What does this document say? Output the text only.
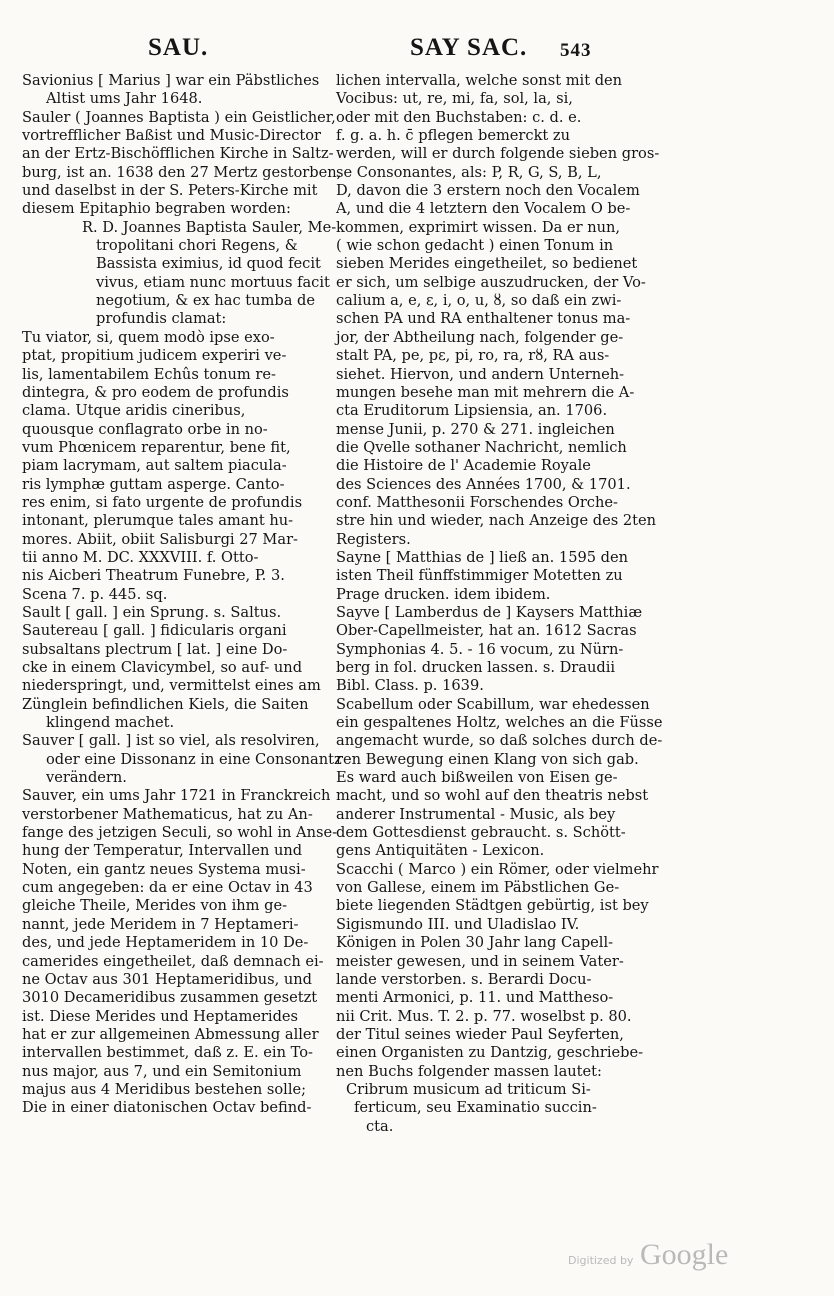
SAU.	SAY SAC. 543
Savionius [ Marius ] war ein Päbstliches
Altist ums Jahr 1648.
Sauler ( Joannes Baptista ) ein Geistlicher,
vortrefflicher Baßist und Music-Director
an der Ertz-Bischöfflichen Kirche in Saltz-
burg, ist an. 1638 den 27 Mertz gestorben,
und daselbst in der S. Peters-Kirche mit
diesem Epitaphio begraben worden:
R. D. Joannes Baptista Sauler, Me-
tropolitani chori Regens, &
Bassista eximius, id quod fecit
vivus, etiam nunc mortuus facit
negotium, & ex hac tumba de
profundis clamat:
Tu viator, si, quem modò ipse exo-
ptat, propitium judicem experiri ve-
lis, lamentabilem Echûs tonum re-
dintegra, & pro eodem de profundis
clama. Utque aridis cineribus,
quousque conflagrato orbe in no-
vum Phœnicem reparentur, bene fit,
piam lacrymam, aut saltem piacula-
ris lymphæ guttam asperge. Canto-
res enim, si fato urgente de profundis
intonant, plerumque tales amant hu-
mores. Abiit, obiit Salisburgi 27 Mar-
tii anno M. DC. XXXVIII. f. Otto-
nis Aicberi Theatrum Funebre, P. 3.
Scena 7. p. 445. sq.
Sault [ gall. ] ein Sprung. s. Saltus.
Sautereau [ gall. ] fidicularis organi
subsaltans plectrum [ lat. ] eine Do-
cke in einem Clavicymbel, so auf- und
niederspringt, und, vermittelst eines am
Zünglein befindlichen Kiels, die Saiten
klingend machet.
Sauver [ gall. ] ist so viel, als resolviren,
oder eine Dissonanz in eine Consonantz
verändern.
Sauver, ein ums Jahr 1721 in Franckreich
verstorbener Mathematicus, hat zu An-
fange des jetzigen Seculi, so wohl in Anse-
hung der Temperatur, Intervallen und
Noten, ein gantz neues Systema musi-
cum angegeben: da er eine Octav in 43
gleiche Theile, Merides von ihm ge-
nannt, jede Meridem in 7 Heptameri-
des, und jede Heptameridem in 10 De-
camerides eingetheilet, daß demnach ei-
ne Octav aus 301 Heptameridibus, und
3010 Decameridibus zusammen gesetzt
ist. Diese Merides und Heptamerides
hat er zur allgemeinen Abmessung aller
intervallen bestimmet, daß z. E. ein To-
nus major, aus 7, und ein Semitonium
majus aus 4 Meridibus bestehen solle;
Die in einer diatonischen Octav befind-
lichen intervalla, welche sonst mit den
Vocibus: ut, re, mi, fa, sol, la, si,
oder mit den Buchstaben: c. d. e.
f. g. a. h. c̄ pflegen bemerckt zu
werden, will er durch folgende sieben gros-
se Consonantes, als: P, R, G, S, B, L,
D, davon die 3 erstern noch den Vocalem
A, und die 4 letztern den Vocalem O be-
kommen, exprimirt wissen. Da er nun,
( wie schon gedacht ) einen Tonum in
sieben Merides eingetheilet, so bedienet
er sich, um selbige auszudrucken, der Vo-
calium a, e, ε, i, o, u, ȣ, so daß ein zwi-
schen PA und RA enthaltener tonus ma-
jor, der Abtheilung nach, folgender ge-
stalt PA, pe, pε, pi, ro, ra, rȣ, RA aus-
siehet. Hiervon, und andern Unterneh-
mungen besehe man mit mehrern die A-
cta Eruditorum Lipsiensia, an. 1706.
mense Junii, p. 270 & 271. ingleichen
die Qvelle sothaner Nachricht, nemlich
die Histoire de l' Academie Royale
des Sciences des Années 1700, & 1701.
conf. Matthesonii Forschendes Orche-
stre hin und wieder, nach Anzeige des 2ten
Registers.
Sayne [ Matthias de ] ließ an. 1595 den
isten Theil fünffstimmiger Motetten zu
Prage drucken. idem ibidem.
Sayve [ Lamberdus de ] Kaysers Matthiæ
Ober-Capellmeister, hat an. 1612 Sacras
Symphonias 4. 5. - 16 vocum, zu Nürn-
berg in fol. drucken lassen. s. Draudii
Bibl. Class. p. 1639.
Scabellum oder Scabillum, war ehedessen
ein gespaltenes Holtz, welches an die Füsse
angemacht wurde, so daß solches durch de-
ren Bewegung einen Klang von sich gab.
Es ward auch bißweilen von Eisen ge-
macht, und so wohl auf den theatris nebst
anderer Instrumental - Music, als bey
dem Gottesdienst gebraucht. s. Schött-
gens Antiquitäten - Lexicon.
Scacchi ( Marco ) ein Römer, oder vielmehr
von Gallese, einem im Päbstlichen Ge-
biete liegenden Städtgen gebürtig, ist bey
Sigismundo III. und Uladislao IV.
Königen in Polen 30 Jahr lang Capell-
meister gewesen, und in seinem Vater-
lande verstorben. s. Berardi Docu-
menti Armonici, p. 11. und Mattheso-
nii Crit. Mus. T. 2. p. 77. woselbst p. 80.
der Titul seines wieder Paul Seyferten,
einen Organisten zu Dantzig, geschriebe-
nen Buchs folgender massen lautet:
Cribrum musicum ad triticum Si-
ferticum, seu Examinatio succin-
cta.
Digitized by Google
